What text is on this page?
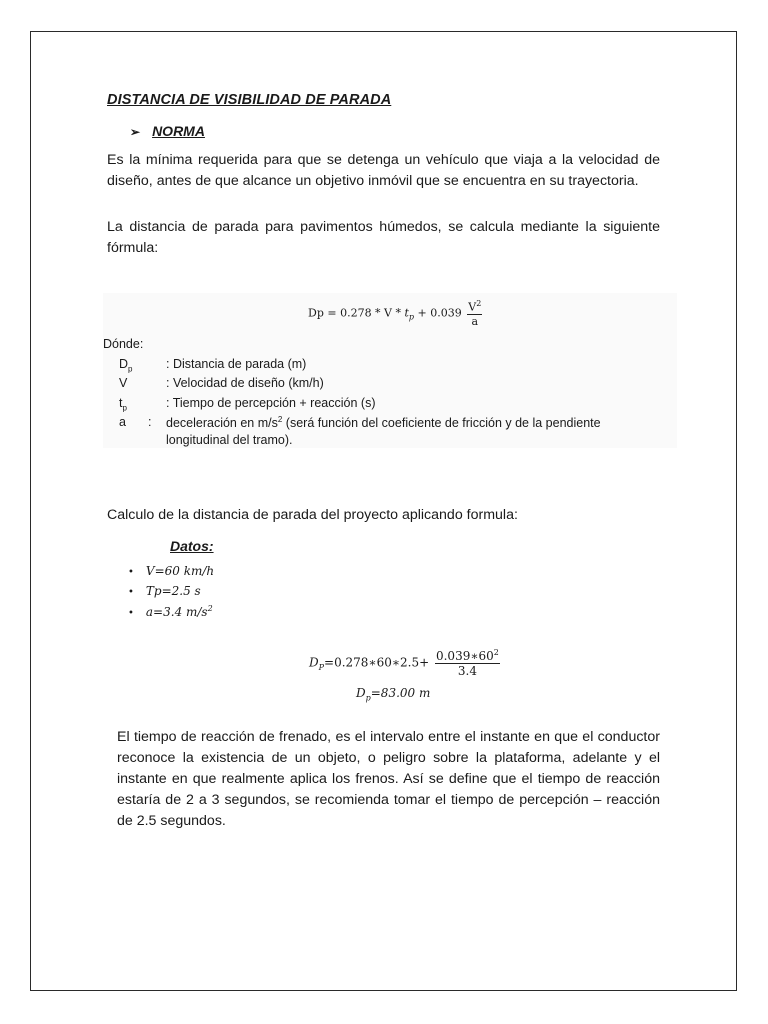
DISTANCIA DE VISIBILIDAD DE PARADA
➢ NORMA
Es la mínima requerida para que se detenga un vehículo que viaja a la velocidad de diseño, antes de que alcance un objetivo inmóvil que se encuentra en su trayectoria.
La distancia de parada para pavimentos húmedos, se calcula mediante la siguiente fórmula:
$Dp = 0.278 * V * t_p + 0.039 \frac{V^2}{a}$
Dónde:
$D_p$	: Distancia de parada (m)
V	: Velocidad de diseño (km/h)
$t_p$	: Tiempo de percepción + reacción (s)
a : deceleración en $m/s^2$ (será función del coeficiente de fricción y de la pendiente
longitudinal del tramo).
Calculo de la distancia de parada del proyecto aplicando formula:
Datos:
• V=60 km/h
• Tp=2.5 s
• a=3.4 $m/s^2$
$D_P=0.278∗60∗2.5+ \frac{0.039∗60^2}{3.4}$
$D_p=83.00$ m
El tiempo de reacción de frenado, es el intervalo entre el instante en que el conductor reconoce la existencia de un objeto, o peligro sobre la plataforma, adelante y el instante en que realmente aplica los frenos. Así se define que el tiempo de reacción estaría de 2 a 3 segundos, se recomienda tomar el tiempo de percepción – reacción de 2.5 segundos.
